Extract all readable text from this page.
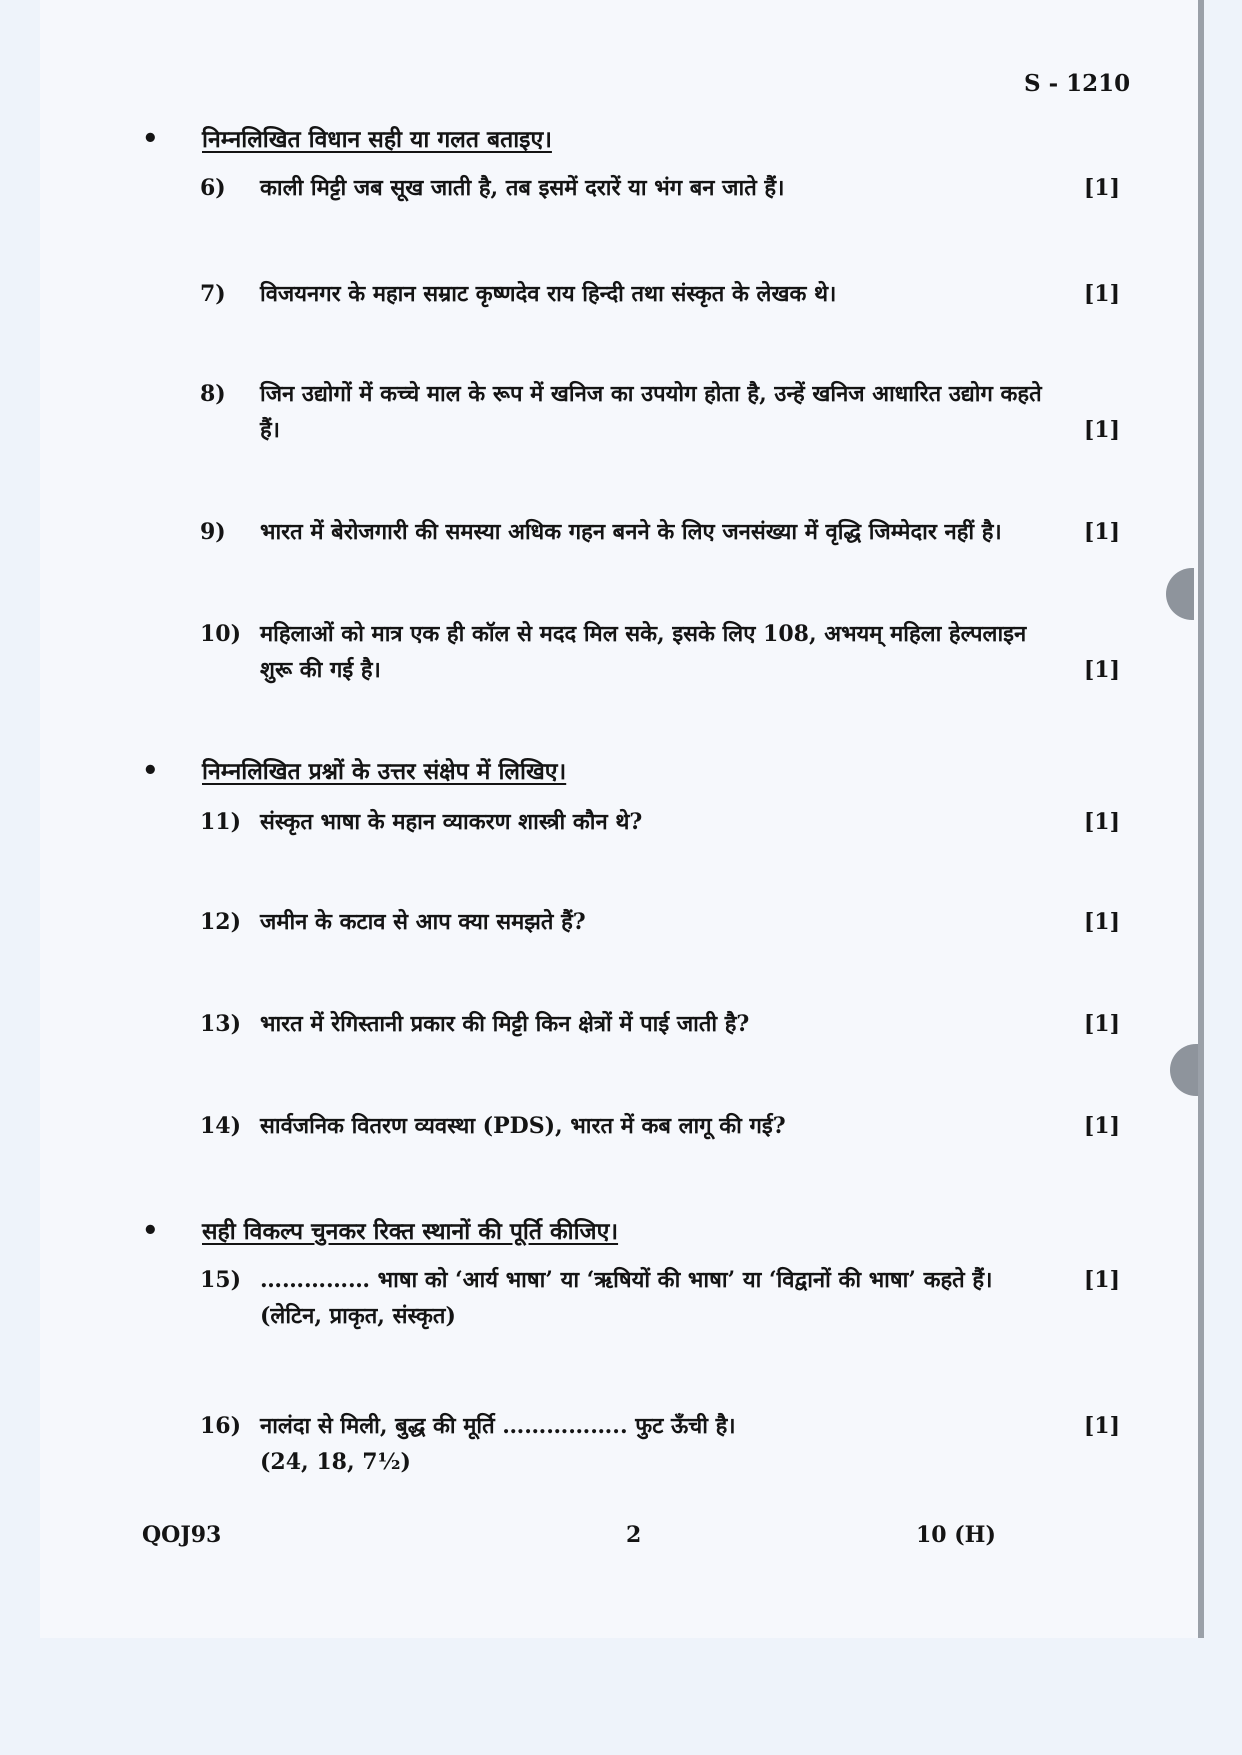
S - 1210
•	निम्नलिखित विधान सही या गलत बताइए।
6) काली मिट्टी जब सूख जाती है, तब इसमें दरारें या भंग बन जाते हैं।	[1]
7) विजयनगर के महान सम्राट कृष्णदेव राय हिन्दी तथा संस्कृत के लेखक थे।	[1]
8) जिन उद्योगों में कच्चे माल के रूप में खनिज का उपयोग होता है, उन्हें खनिज आधारित उद्योग कहते हैं।	[1]
9) भारत में बेरोजगारी की समस्या अधिक गहन बनने के लिए जनसंख्या में वृद्धि जिम्मेदार नहीं है।	[1]
10) महिलाओं को मात्र एक ही कॉल से मदद मिल सके, इसके लिए 108, अभयम् महिला हेल्पलाइन शुरू की गई है।	[1]
•	निम्नलिखित प्रश्नों के उत्तर संक्षेप में लिखिए।
11) संस्कृत भाषा के महान व्याकरण शास्त्री कौन थे?	[1]
12) जमीन के कटाव से आप क्या समझते हैं?	[1]
13) भारत में रेगिस्तानी प्रकार की मिट्टी किन क्षेत्रों में पाई जाती है?	[1]
14) सार्वजनिक वितरण व्यवस्था (PDS), भारत में कब लागू की गई?	[1]
•	सही विकल्प चुनकर रिक्त स्थानों की पूर्ति कीजिए।
15) …………… भाषा को ‘आर्य भाषा’ या ‘ऋषियों की भाषा’ या ‘विद्वानों की भाषा’ कहते हैं।
(लेटिन, प्राकृत, संस्कृत)
[1]
16) नालंदा से मिली, बुद्ध की मूर्ति …………….. फुट ऊँची है।
(24, 18, 7½)
[1]
QOJ93	2	10 (H)
